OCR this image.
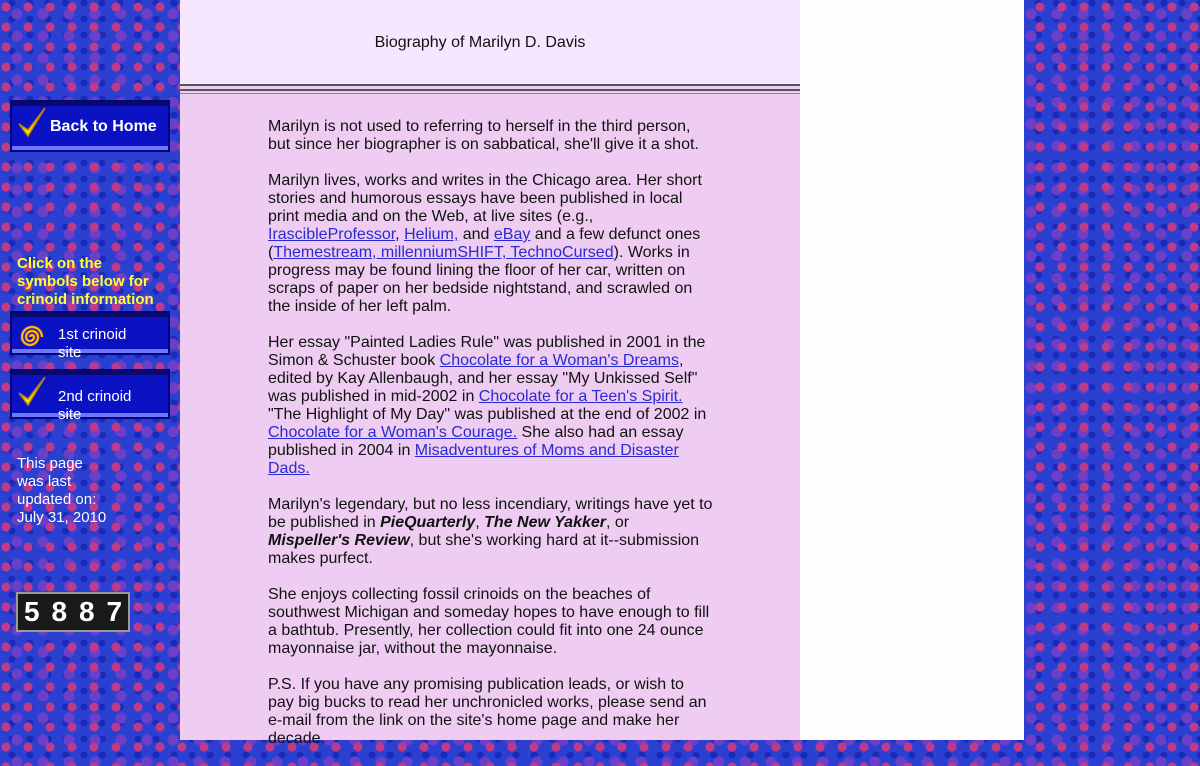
Back to Home
Click on the symbols below for crinoid information
1st crinoid
site
2nd crinoid
site
This page
was last
updated on:
July 31, 2010
5 8 8 7
Biography of Marilyn D. Davis

Marilyn is not used to referring to herself in the third person, but since her biographer is on sabbatical, she'll give it a shot.

Marilyn lives, works and writes in the Chicago area. Her short stories and humorous essays have been published in local print media and on the Web, at live sites (e.g., IrascibleProfessor, Helium, and eBay and a few defunct ones (Themestream, millenniumSHIFT, TechnoCursed). Works in progress may be found lining the floor of her car, written on scraps of paper on her bedside nightstand, and scrawled on the inside of her left palm.

Her essay "Painted Ladies Rule" was published in 2001 in the Simon & Schuster book Chocolate for a Woman's Dreams, edited by Kay Allenbaugh, and her essay "My Unkissed Self" was published in mid-2002 in Chocolate for a Teen's Spirit. "The Highlight of My Day" was published at the end of 2002 in Chocolate for a Woman's Courage. She also had an essay published in 2004 in Misadventures of Moms and Disaster Dads.

Marilyn's legendary, but no less incendiary, writings have yet to be published in PieQuarterly, The New Yakker, or Mispeller's Review, but she's working hard at it--submission makes purfect.

She enjoys collecting fossil crinoids on the beaches of southwest Michigan and someday hopes to have enough to fill a bathtub. Presently, her collection could fit into one 24 ounce mayonnaise jar, without the mayonnaise.

P.S. If you have any promising publication leads, or wish to pay big bucks to read her unchronicled works, please send an e-mail from the link on the site's home page and make her decade.
